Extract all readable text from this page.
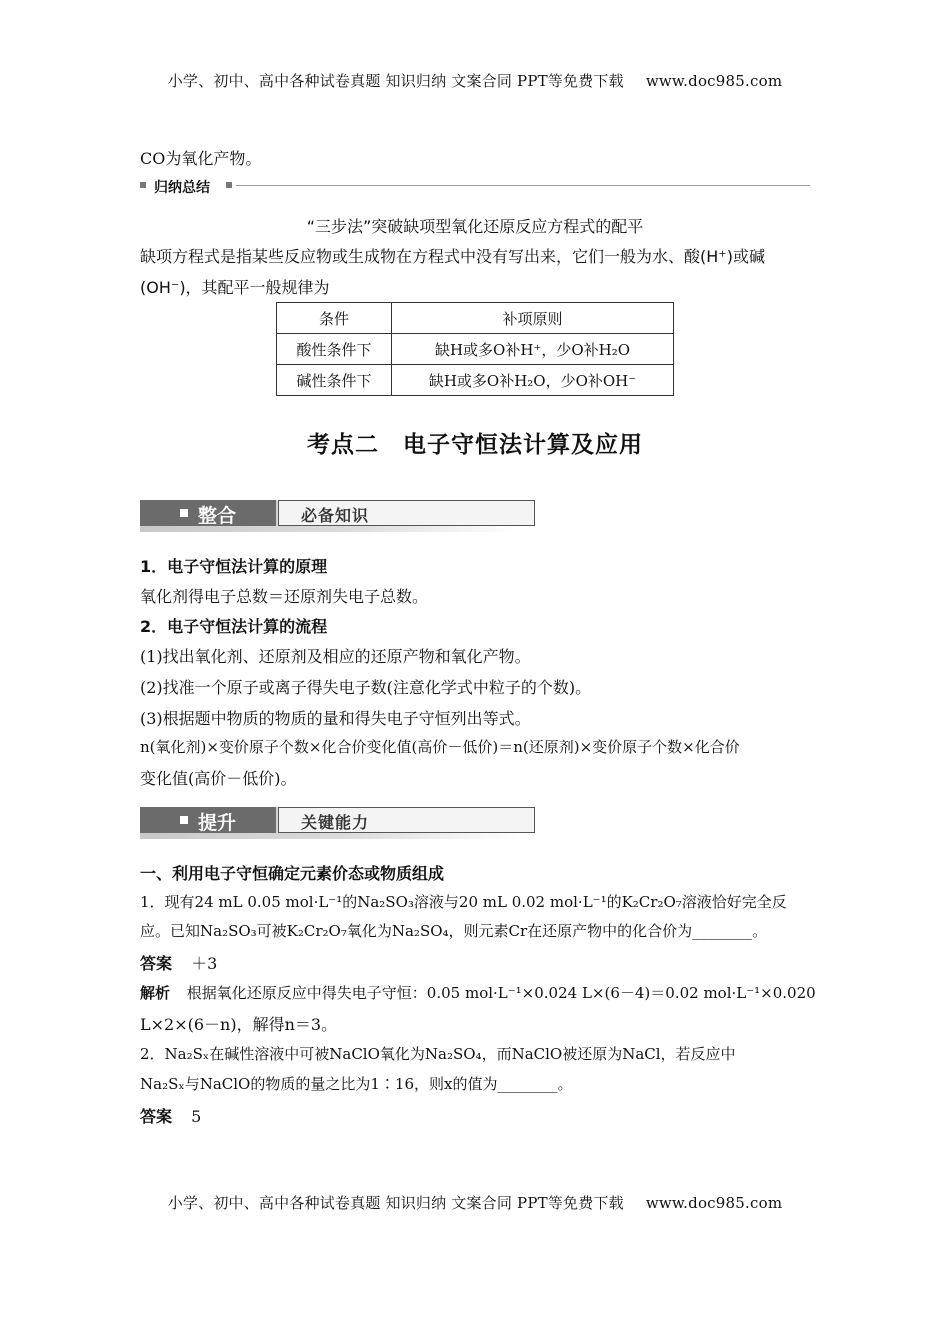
小学、初中、高中各种试卷真题 知识归纳 文案合同 PPT等免费下载 www.doc985.com
CO为氧化产物。
归纳总结
“三步法”突破缺项型氧化还原反应方程式的配平
缺项方程式是指某些反应物或生成物在方程式中没有写出来，它们一般为水、酸(H⁺)或碱
(OH⁻)，其配平一般规律为
条件	补项原则
酸性条件下	缺H或多O补H⁺，少O补H₂O
碱性条件下	缺H或多O补H₂O，少O补OH⁻
考点二　电子守恒法计算及应用
整合	必备知识
1．电子守恒法计算的原理
氧化剂得电子总数＝还原剂失电子总数。
2．电子守恒法计算的流程
(1)找出氧化剂、还原剂及相应的还原产物和氧化产物。
(2)找准一个原子或离子得失电子数(注意化学式中粒子的个数)。
(3)根据题中物质的物质的量和得失电子守恒列出等式。
n(氧化剂)×变价原子个数×化合价变化值(高价－低价)＝n(还原剂)×变价原子个数×化合价
变化值(高价－低价)。
提升	关键能力
一、利用电子守恒确定元素价态或物质组成
1．现有24 mL 0.05 mol·L⁻¹的Na₂SO₃溶液与20 mL 0.02 mol·L⁻¹的K₂Cr₂O₇溶液恰好完全反
应。已知Na₂SO₃可被K₂Cr₂O₇氧化为Na₂SO₄，则元素Cr在还原产物中的化合价为________。
答案 ＋3
解析 根据氧化还原反应中得失电子守恒：0.05 mol·L⁻¹×0.024 L×(6－4)＝0.02 mol·L⁻¹×0.020
L×2×(6－n)，解得n＝3。
2．Na₂Sₓ在碱性溶液中可被NaClO氧化为Na₂SO₄，而NaClO被还原为NaCl，若反应中
Na₂Sₓ与NaClO的物质的量之比为1∶16，则x的值为________。
答案 5
小学、初中、高中各种试卷真题 知识归纳 文案合同 PPT等免费下载 www.doc985.com
